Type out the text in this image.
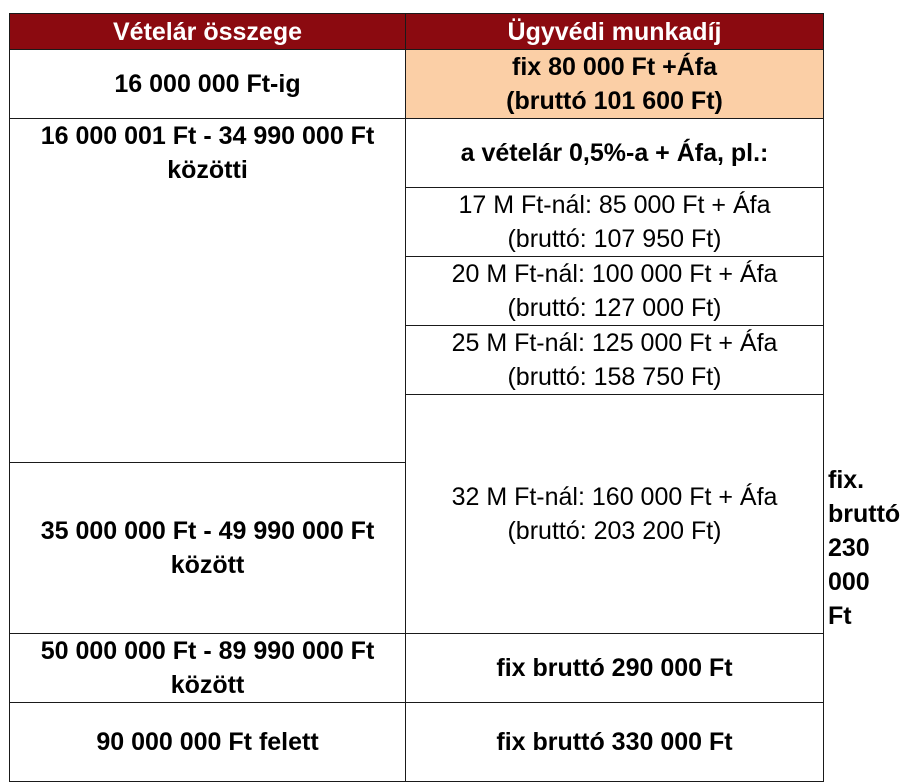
Vételár összege	Ügyvédi munkadíj	
16 000 000 Ft-ig	fix 80 000 Ft +Áfa
(bruttó 101 600 Ft)	

16 000 001 Ft - 34 990 000 Ft
közötti	a vételár 0,5%-a + Áfa, pl.:	

	17 M Ft-nál: 85 000 Ft + Áfa
(bruttó: 107 950 Ft)	

	20 M Ft-nál: 100 000 Ft + Áfa
(bruttó: 127 000 Ft)	

	25 M Ft-nál: 125 000 Ft + Áfa
(bruttó: 158 750 Ft)	

	32 M Ft-nál: 160 000 Ft + Áfa
(bruttó: 203 200 Ft)	

35 000 000 Ft - 49 990 000 Ft
között		fix. bruttó 230 000 Ft

50 000 000 Ft - 89 990 000 Ft
között	fix bruttó 290 000 Ft	
90 000 000 Ft felett	fix bruttó 330 000 Ft	
